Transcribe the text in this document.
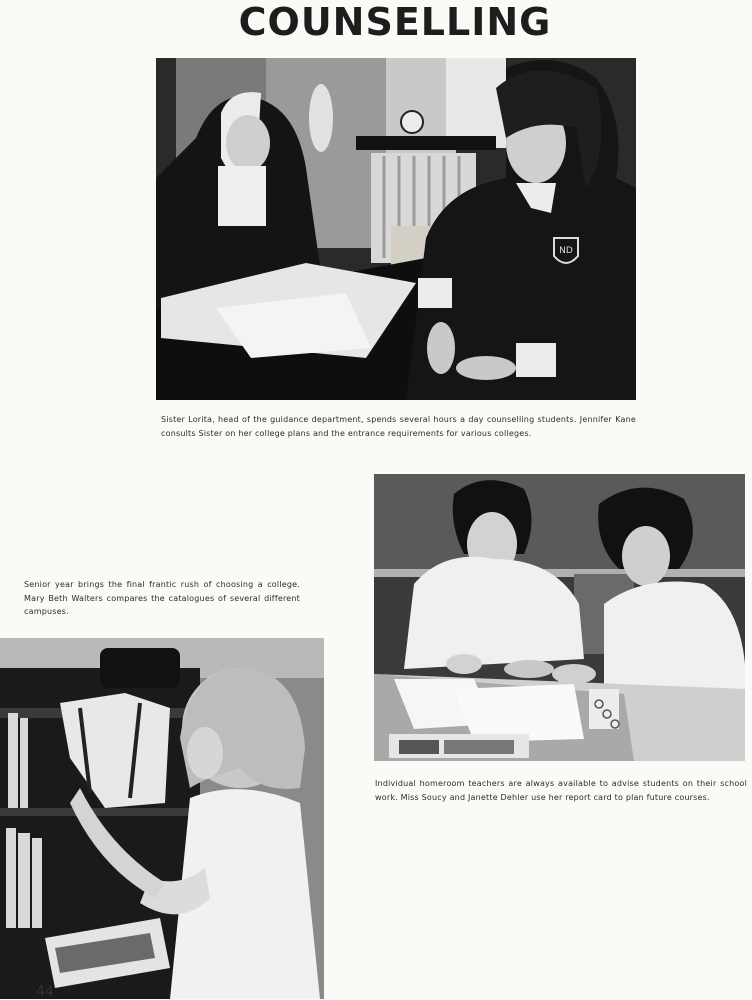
COUNSELLING
ND

Sister Lorita, head of the guidance department, spends several hours a day counselling students. Jennifer Kane consults Sister on her college plans and the entrance requirements for various colleges.

Senior year brings the final frantic rush of choosing a college. Mary Beth Walters compares the catalogues of several different campuses.

Individual homeroom teachers are always available to advise students on their school work. Miss Soucy and Janette Dehler use her report card to plan future courses.

44
